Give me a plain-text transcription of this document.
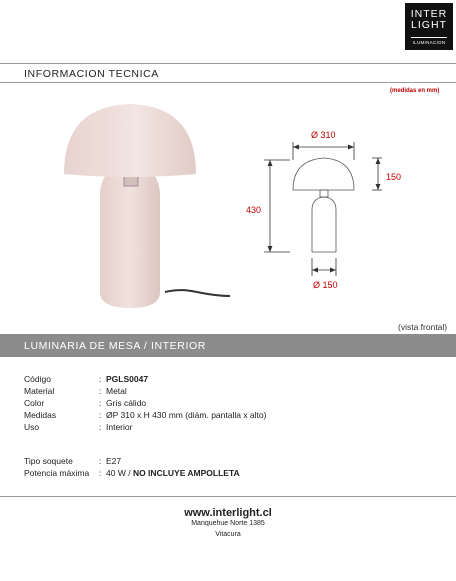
INTER
LIGHT
ILUMINACION
INFORMACION TECNICA
(medidas en mm)
Ø 310
150
430
Ø 150
(vista frontal)
LUMINARIA DE MESA / INTERIOR
Código	: PGLS0047
Material	: Metal
Color	: Gris cálido
Medidas	: ØP 310 x H 430 mm (diám. pantalla x alto)
Uso	: Interior
Tipo soquete	: E27
Potencia máxima	: 40 W / NO INCLUYE AMPOLLETA
www.interlight.cl
Manquehue Norte 1385
Vitacura
